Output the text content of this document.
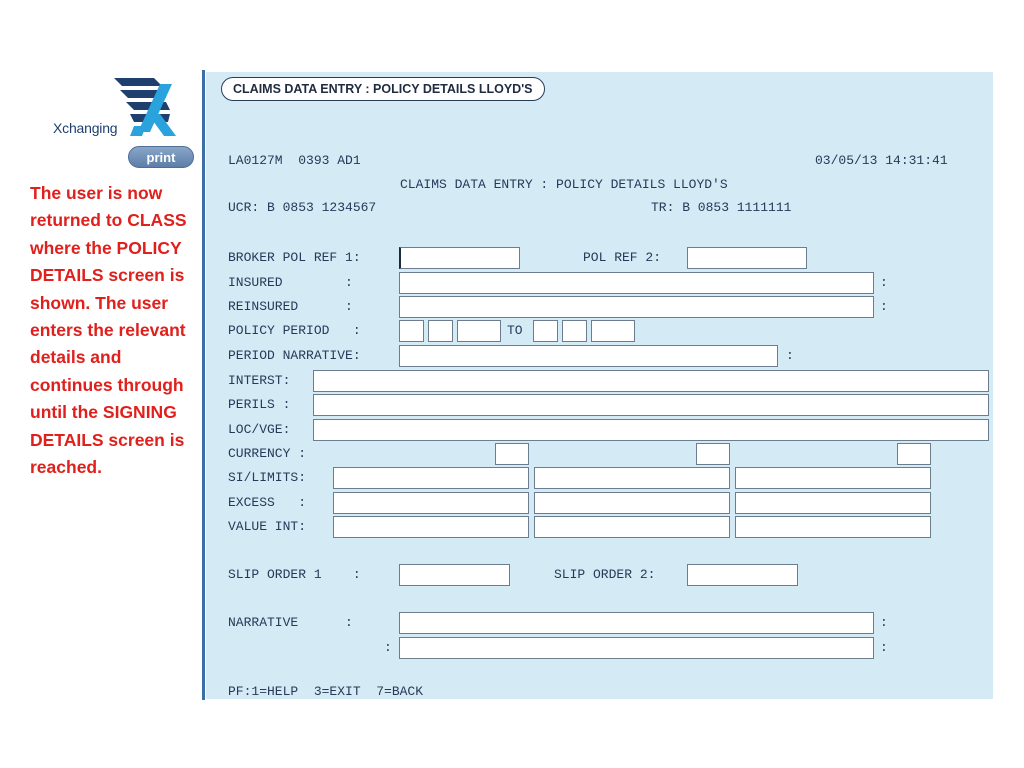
Xchanging
print
The user is now returned to CLASS where the POLICY DETAILS screen is shown. The user enters the relevant details and continues through until the SIGNING DETAILS screen is reached.
CLAIMS DATA ENTRY : POLICY DETAILS LLOYD'S
LA0127M  0393 AD1	03/05/13 14:31:41
CLAIMS DATA ENTRY : POLICY DETAILS LLOYD'S
UCR: B 0853 1234567	TR: B 0853 1111111
BROKER POL REF 1:	POL REF 2:
INSURED        :	:
REINSURED      :	:
POLICY PERIOD   :	TO
PERIOD NARRATIVE:	:
INTERST:
PERILS :
LOC/VGE:
CURRENCY :
SI/LIMITS:
EXCESS   :
VALUE INT:
SLIP ORDER 1    :	SLIP ORDER 2:
NARRATIVE      :	:
:	:
PF:1=HELP  3=EXIT  7=BACK
